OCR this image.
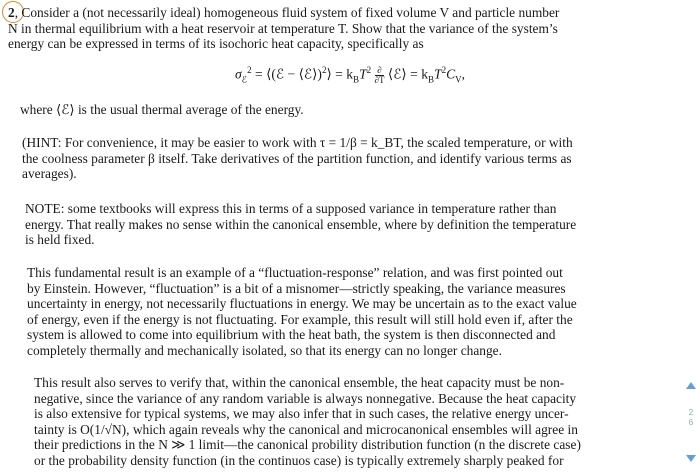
2, Consider a (not necessarily ideal) homogeneous fluid system of fixed volume V and particle number
N in thermal equilibrium with a heat reservoir at temperature T. Show that the variance of the system’s
energy can be expressed in terms of its isochoric heat capacity, specifically as
$\sigma_ℰ^2$ = ⟨(ℰ − ⟨ℰ⟩)$^2$⟩ = $k_BT^2 \frac{\partial}{\partial T}$ ⟨ℰ⟩ = $k_BT^2C_V$,
where ⟨ℰ⟩ is the usual thermal average of the energy.
(HINT: For convenience, it may be easier to work with τ = 1/β = k_BT, the scaled temperature, or with
the coolness parameter β itself. Take derivatives of the partition function, and identify various terms as
averages).
NOTE: some textbooks will express this in terms of a supposed variance in temperature rather than
energy. That really makes no sense within the canonical ensemble, where by definition the temperature
is held fixed.
This fundamental result is an example of a “fluctuation-response” relation, and was first pointed out
by Einstein. However, “fluctuation” is a bit of a misnomer—strictly speaking, the variance measures
uncertainty in energy, not necessarily fluctuations in energy. We may be uncertain as to the exact value
of energy, even if the energy is not fluctuating. For example, this result will still hold even if, after the
system is allowed to come into equilibrium with the heat bath, the system is then disconnected and
completely thermally and mechanically isolated, so that its energy can no longer change.
This result also serves to verify that, within the canonical ensemble, the heat capacity must be non-
negative, since the variance of any random variable is always nonnegative. Because the heat capacity
is also extensive for typical systems, we may also infer that in such cases, the relative energy uncer-
tainty is O(1/√N), which again reveals why the canonical and microcanonical ensembles will agree in
their predictions in the N ≫ 1 limit—the canonical probility distribution function (n the discrete case)
or the probability density function (in the continuos case) is typically extremely sharply peaked for
2
6
